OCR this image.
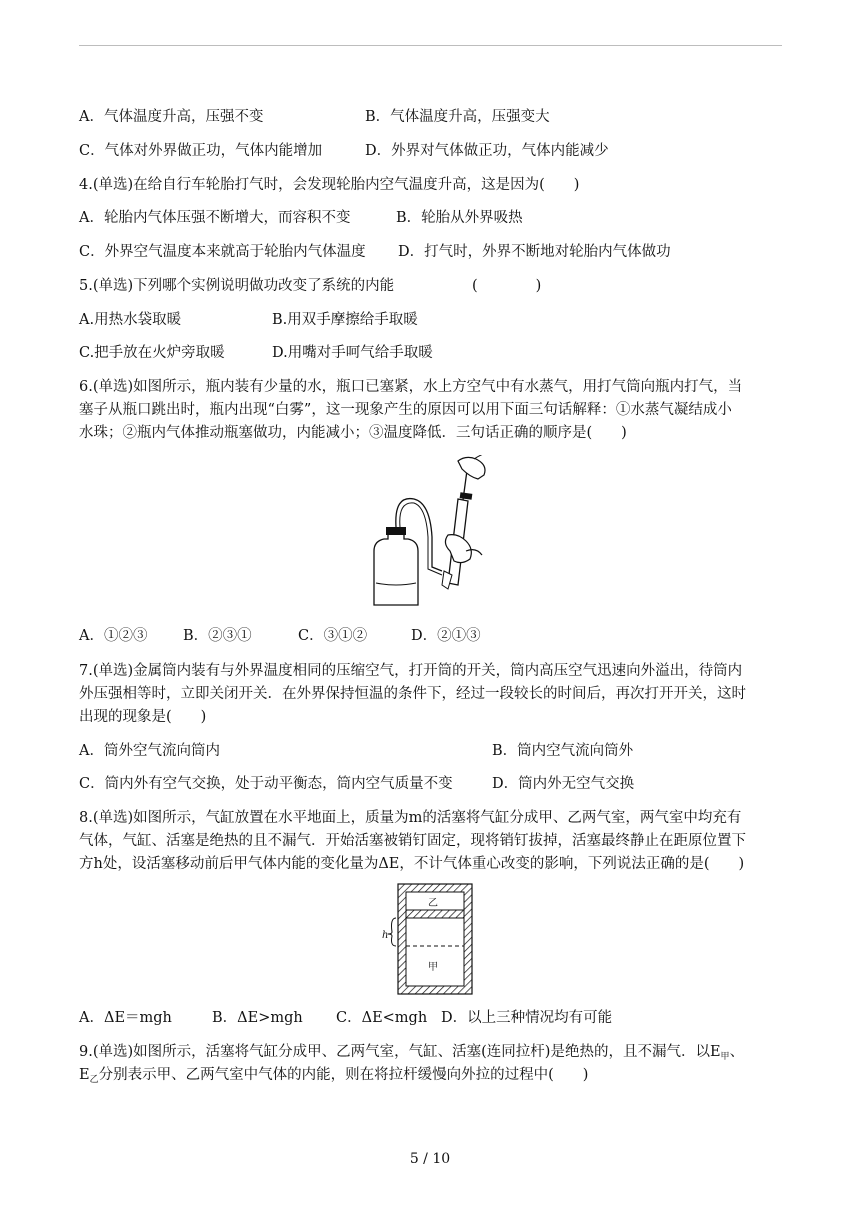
A．气体温度升高，压强不变	B．气体温度升高，压强变大
C．气体对外界做正功，气体内能增加	D．外界对气体做正功，气体内能减少
4.(单选)在给自行车轮胎打气时，会发现轮胎内空气温度升高，这是因为(　　)
A．轮胎内气体压强不断增大，而容积不变	B．轮胎从外界吸热
C．外界空气温度本来就高于轮胎内气体温度 D．打气时，外界不断地对轮胎内气体做功
5.(单选)下列哪个实例说明做功改变了系统的内能	(　　　　)
A.用热水袋取暖	B.用双手摩擦给手取暖
C.把手放在火炉旁取暖	D.用嘴对手呵气给手取暖
6.(单选)如图所示，瓶内装有少量的水，瓶口已塞紧，水上方空气中有水蒸气，用打气筒向瓶内打气，当
塞子从瓶口跳出时，瓶内出现“白雾”，这一现象产生的原因可以用下面三句话解释：①水蒸气凝结成小
水珠；②瓶内气体推动瓶塞做功，内能减小；③温度降低．三句话正确的顺序是(　　)
A．①②③ B．②③①	C．③①②	D．②①③
7.(单选)金属筒内装有与外界温度相同的压缩空气，打开筒的开关，筒内高压空气迅速向外溢出，待筒内
外压强相等时，立即关闭开关．在外界保持恒温的条件下，经过一段较长的时间后，再次打开开关，这时
出现的现象是(　　)
A．筒外空气流向筒内	B．筒内空气流向筒外
C．筒内外有空气交换，处于动平衡态，筒内空气质量不变	D．筒内外无空气交换
8.(单选)如图所示，气缸放置在水平地面上，质量为m的活塞将气缸分成甲、乙两气室，两气室中均充有
气体，气缸、活塞是绝热的且不漏气．开始活塞被销钉固定，现将销钉拔掉，活塞最终静止在距原位置下
方h处，设活塞移动前后甲气体内能的变化量为ΔE，不计气体重心改变的影响，下列说法正确的是(　　)
h
乙
甲
A．ΔE＝mgh	B．ΔE>mgh C．ΔE<mgh D．以上三种情况均有可能
9.(单选)如图所示，活塞将气缸分成甲、乙两气室，气缸、活塞(连同拉杆)是绝热的，且不漏气．以$E_甲$、
$E_乙$分别表示甲、乙两气室中气体的内能，则在将拉杆缓慢向外拉的过程中(　　)
5 / 10
